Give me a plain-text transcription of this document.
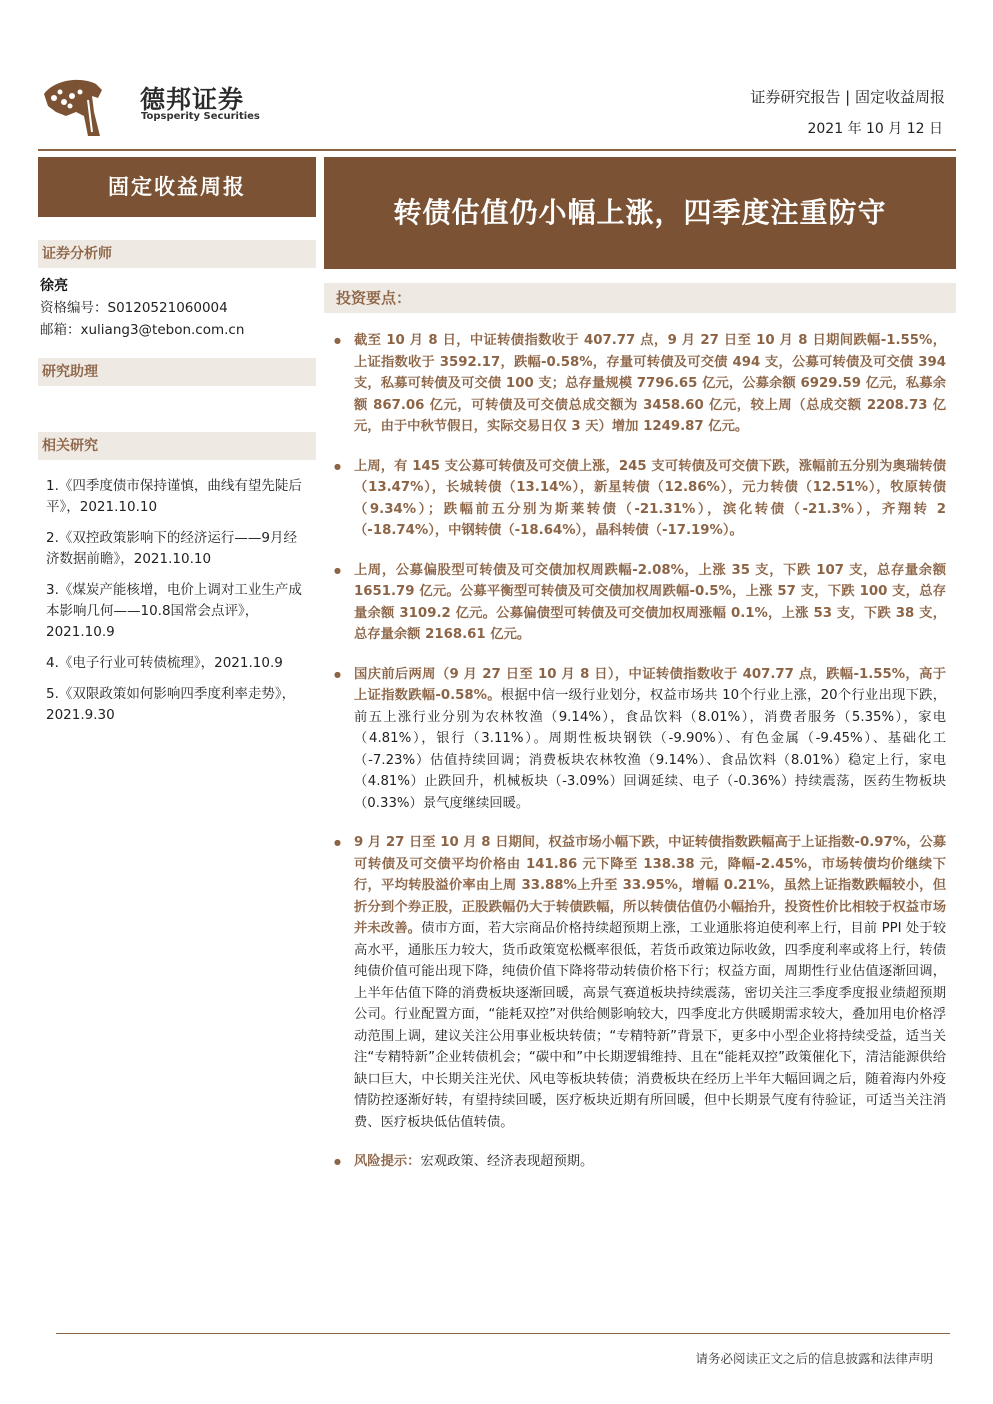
德邦证券
Topsperity Securities
证券研究报告 | 固定收益周报
2021 年 10 月 12 日
固定收益周报
证券分析师
徐亮
资格编号：S0120521060004
邮箱：xuliang3@tebon.com.cn
研究助理
相关研究
1.《四季度债市保持谨慎，曲线有望先陡后平》，2021.10.10
2.《双控政策影响下的经济运行——9月经济数据前瞻》，2021.10.10
3.《煤炭产能核增，电价上调对工业生产成本影响几何——10.8国常会点评》，2021.10.9
4.《电子行业可转债梳理》，2021.10.9
5.《双限政策如何影响四季度利率走势》，2021.9.30
转债估值仍小幅上涨，四季度注重防守
投资要点：
● 截至 10 月 8 日，中证转债指数收于 407.77 点，9 月 27 日至 10 月 8 日期间跌幅-1.55%，上证指数收于 3592.17，跌幅-0.58%，存量可转债及可交债 494 支，公募可转债及可交债 394 支，私募可转债及可交债 100 支；总存量规模 7796.65 亿元，公募余额 6929.59 亿元，私募余额 867.06 亿元，可转债及可交债总成交额为 3458.60 亿元，较上周（总成交额 2208.73 亿元，由于中秋节假日，实际交易日仅 3 天）增加 1249.87 亿元。
● 上周，有 145 支公募可转债及可交债上涨，245 支可转债及可交债下跌，涨幅前五分别为奥瑞转债（13.47%），长城转债（13.14%），新星转债（12.86%），元力转债（12.51%），牧原转债（9.34%）；跌幅前五分别为斯莱转债（-21.31%），滨化转债（-21.3%），齐翔转 2（-18.74%），中钢转债（-18.64%），晶科转债（-17.19%）。
● 上周，公募偏股型可转债及可交债加权周跌幅-2.08%，上涨 35 支，下跌 107 支，总存量余额 1651.79 亿元。公募平衡型可转债及可交债加权周跌幅-0.5%，上涨 57 支，下跌 100 支，总存量余额 3109.2 亿元。公募偏债型可转债及可交债加权周涨幅 0.1%，上涨 53 支，下跌 38 支，总存量余额 2168.61 亿元。
● 国庆前后两周（9 月 27 日至 10 月 8 日），中证转债指数收于 407.77 点，跌幅-1.55%，高于上证指数跌幅-0.58%。根据中信一级行业划分，权益市场共 10个行业上涨，20个行业出现下跌，前五上涨行业分别为农林牧渔（9.14%），食品饮料（8.01%），消费者服务（5.35%），家电（4.81%），银行（3.11%）。周期性板块钢铁（-9.90%）、有色金属（-9.45%）、基础化工（-7.23%）估值持续回调；消费板块农林牧渔（9.14%）、食品饮料（8.01%）稳定上行，家电（4.81%）止跌回升，机械板块（-3.09%）回调延续、电子（-0.36%）持续震荡，医药生物板块（0.33%）景气度继续回暖。
● 9 月 27 日至 10 月 8 日期间，权益市场小幅下跌，中证转债指数跌幅高于上证指数-0.97%，公募可转债及可交债平均价格由 141.86 元下降至 138.38 元，降幅-2.45%，市场转债均价继续下行，平均转股溢价率由上周 33.88%上升至 33.95%，增幅 0.21%，虽然上证指数跌幅较小，但折分到个券正股，正股跌幅仍大于转债跌幅，所以转债估值仍小幅抬升，投资性价比相较于权益市场并未改善。债市方面，若大宗商品价格持续超预期上涨，工业通胀将迫使利率上行，目前 PPI 处于较高水平，通胀压力较大，货币政策宽松概率很低，若货币政策边际收敛，四季度利率或将上行，转债纯债价值可能出现下降，纯债价值下降将带动转债价格下行；权益方面，周期性行业估值逐渐回调，上半年估值下降的消费板块逐渐回暖，高景气赛道板块持续震荡，密切关注三季度季度报业绩超预期公司。行业配置方面，“能耗双控”对供给侧影响较大，四季度北方供暖期需求较大，叠加用电价格浮动范围上调，建议关注公用事业板块转债；“专精特新”背景下，更多中小型企业将持续受益，适当关注“专精特新”企业转债机会；“碳中和”中长期逻辑维持、且在“能耗双控”政策催化下，清洁能源供给缺口巨大，中长期关注光伏、风电等板块转债；消费板块在经历上半年大幅回调之后，随着海内外疫情防控逐渐好转，有望持续回暖，医疗板块近期有所回暖，但中长期景气度有待验证，可适当关注消费、医疗板块低估值转债。
● 风险提示：宏观政策、经济表现超预期。
请务必阅读正文之后的信息披露和法律声明
